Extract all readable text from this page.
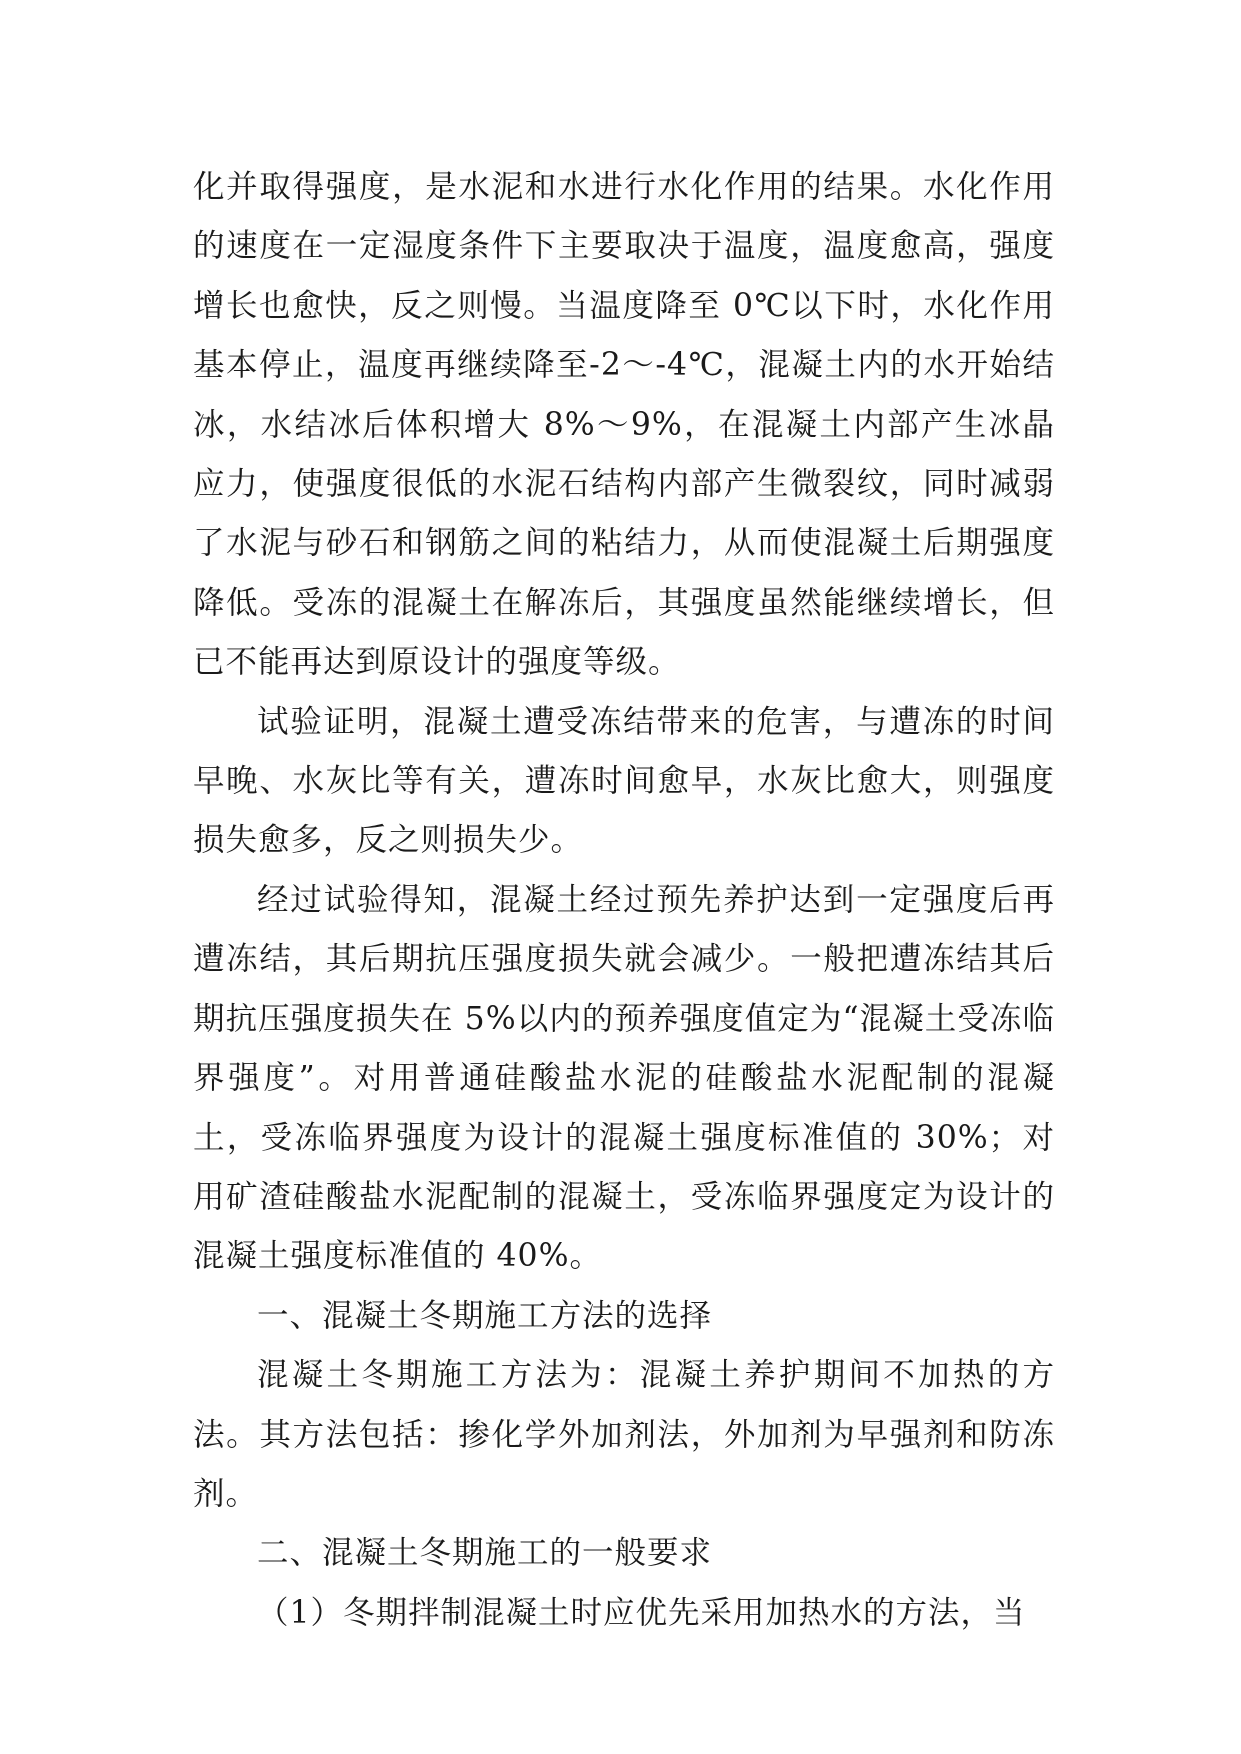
化并取得强度，是水泥和水进行水化作用的结果。水化作用的速度在一定湿度条件下主要取决于温度，温度愈高，强度增长也愈快，反之则慢。当温度降至 0℃以下时，水化作用基本停止，温度再继续降至-2～-4℃，混凝土内的水开始结冰，水结冰后体积增大 8%～9%，在混凝土内部产生冰晶应力，使强度很低的水泥石结构内部产生微裂纹，同时减弱了水泥与砂石和钢筋之间的粘结力，从而使混凝土后期强度降低。受冻的混凝土在解冻后，其强度虽然能继续增长，但已不能再达到原设计的强度等级。

试验证明，混凝土遭受冻结带来的危害，与遭冻的时间早晚、水灰比等有关，遭冻时间愈早，水灰比愈大，则强度损失愈多，反之则损失少。

经过试验得知，混凝土经过预先养护达到一定强度后再遭冻结，其后期抗压强度损失就会减少。一般把遭冻结其后期抗压强度损失在 5%以内的预养强度值定为“混凝土受冻临界强度”。对用普通硅酸盐水泥的硅酸盐水泥配制的混凝土，受冻临界强度为设计的混凝土强度标准值的 30%；对用矿渣硅酸盐水泥配制的混凝土，受冻临界强度定为设计的混凝土强度标准值的 40%。

一、混凝土冬期施工方法的选择

混凝土冬期施工方法为：混凝土养护期间不加热的方法。其方法包括：掺化学外加剂法，外加剂为早强剂和防冻剂。

二、混凝土冬期施工的一般要求

（1）冬期拌制混凝土时应优先采用加热水的方法，当
